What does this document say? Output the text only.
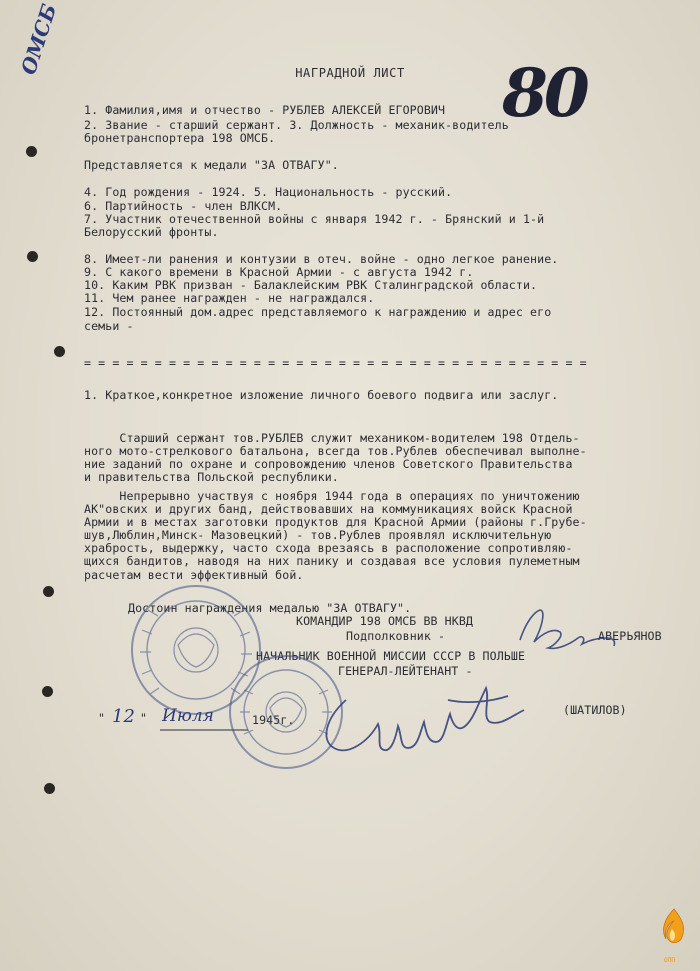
НАГРАДНОЙ ЛИСТ
1. Фамилия,имя и отчество - РУБЛЕВ АЛЕКСЕЙ ЕГОРОВИЧ
2. Звание - старший сержант. 3. Должность - механик-водитель
бронетранспортера 198 ОМСБ.
Представляется к медали "ЗА ОТВАГУ".
4. Год рождения - 1924. 5. Национальность - русский.
6. Партийность - член ВЛКСМ.
7. Участник отечественной войны с января 1942 г. - Брянский и 1-й
Белорусский фронты.
8. Имеет-ли ранения и контузии в отеч. войне - одно легкое ранение.
9. С какого времени в Красной Армии - с августа 1942 г.
10. Каким РВК призван - Балаклейским РВК Сталинградской области.
11. Чем ранее награжден - не награждался.
12. Постоянный дом.адрес представляемого к награждению и адрес его
семьи -
= = = = = = = = = = = = = = = = = = = = = = = = = = = = = = = = = = = =
1. Краткое,конкретное изложение личного боевого подвига или заслуг.
Старший сержант тов.РУБЛЕВ служит механиком-водителем 198 Отдель-
ного мото-стрелкового батальона, всегда тов.Рублев обеспечивал выполне-
ние заданий по охране и сопровождению членов Советского Правительства
и правительства Польской республики.
Непрерывно участвуя с ноября 1944 года в операциях по уничтожению
АК"овских и других банд, действовавших на коммуникациях войск Красной
Армии и в местах заготовки продуктов для Красной Армии (районы г.Грубе-
шув,Люблин,Минск- Мазовецкий) - тов.Рублев проявлял исключительную
храбрость, выдержку, часто схода врезаясь в расположение сопротивляю-
щихся бандитов, наводя на них панику и создавая все условия пулеметным
расчетам вести эффективный бой.
Достоин награждения медалью "ЗА ОТВАГУ".
КОМАНДИР 198 ОМСБ ВВ НКВД
Подполковник -	АВЕРЬЯНОВ
НАЧАЛЬНИК ВОЕННОЙ МИССИИ СССР В ПОЛЬШЕ
ГЕНЕРАЛ-ЛЕЙТЕНАНТ -
(ШАТИЛОВ)
12
"	" Июля	1945г.
ОМСБ
80
ОПП
